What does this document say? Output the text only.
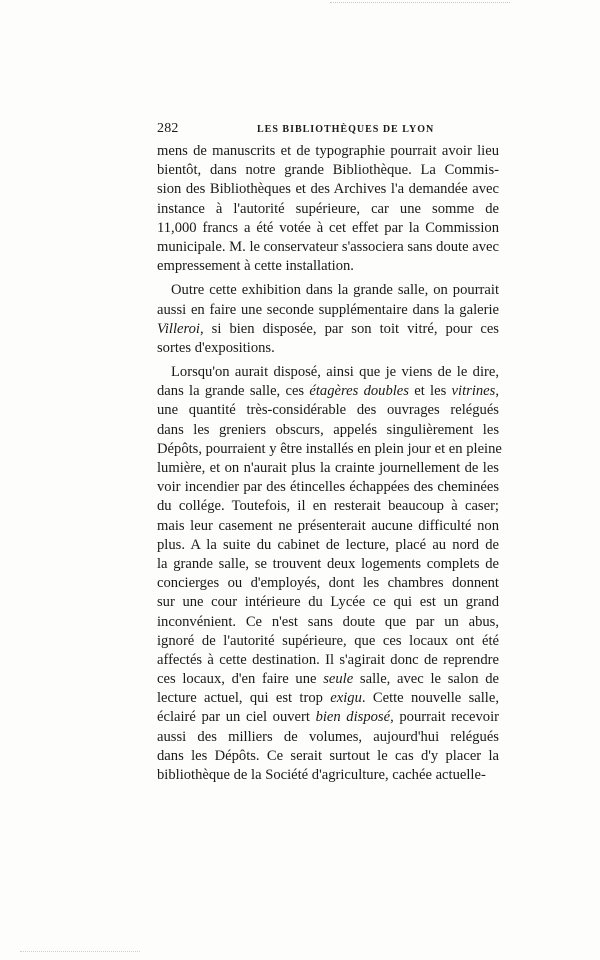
282	LES BIBLIOTHÈQUES DE LYON
mens de manuscrits et de typographie pourrait avoir lieu
bientôt, dans notre grande Bibliothèque. La Commis-
sion des Bibliothèques et des Archives l'a demandée avec
instance à l'autorité supérieure, car une somme de
11,000 francs a été votée à cet effet par la Commission
municipale. M. le conservateur s'associera sans doute avec
empressement à cette installation.
Outre cette exhibition dans la grande salle, on pourrait
aussi en faire une seconde supplémentaire dans la galerie
Villeroi, si bien disposée, par son toit vitré, pour ces
sortes d'expositions.
Lorsqu'on aurait disposé, ainsi que je viens de le dire,
dans la grande salle, ces étagères doubles et les vitrines,
une quantité très-considérable des ouvrages relégués
dans les greniers obscurs, appelés singulièrement les
Dépôts, pourraient y être installés en plein jour et en pleine
lumière, et on n'aurait plus la crainte journellement de les
voir incendier par des étincelles échappées des cheminées
du collége. Toutefois, il en resterait beaucoup à caser;
mais leur casement ne présenterait aucune difficulté non
plus. A la suite du cabinet de lecture, placé au nord de
la grande salle, se trouvent deux logements complets de
concierges ou d'employés, dont les chambres donnent
sur une cour intérieure du Lycée ce qui est un grand
inconvénient. Ce n'est sans doute que par un abus,
ignoré de l'autorité supérieure, que ces locaux ont été
affectés à cette destination. Il s'agirait donc de reprendre
ces locaux, d'en faire une seule salle, avec le salon de
lecture actuel, qui est trop exigu. Cette nouvelle salle,
éclairé par un ciel ouvert bien disposé, pourrait recevoir
aussi des milliers de volumes, aujourd'hui relégués
dans les Dépôts. Ce serait surtout le cas d'y placer la
bibliothèque de la Société d'agriculture, cachée actuelle-
